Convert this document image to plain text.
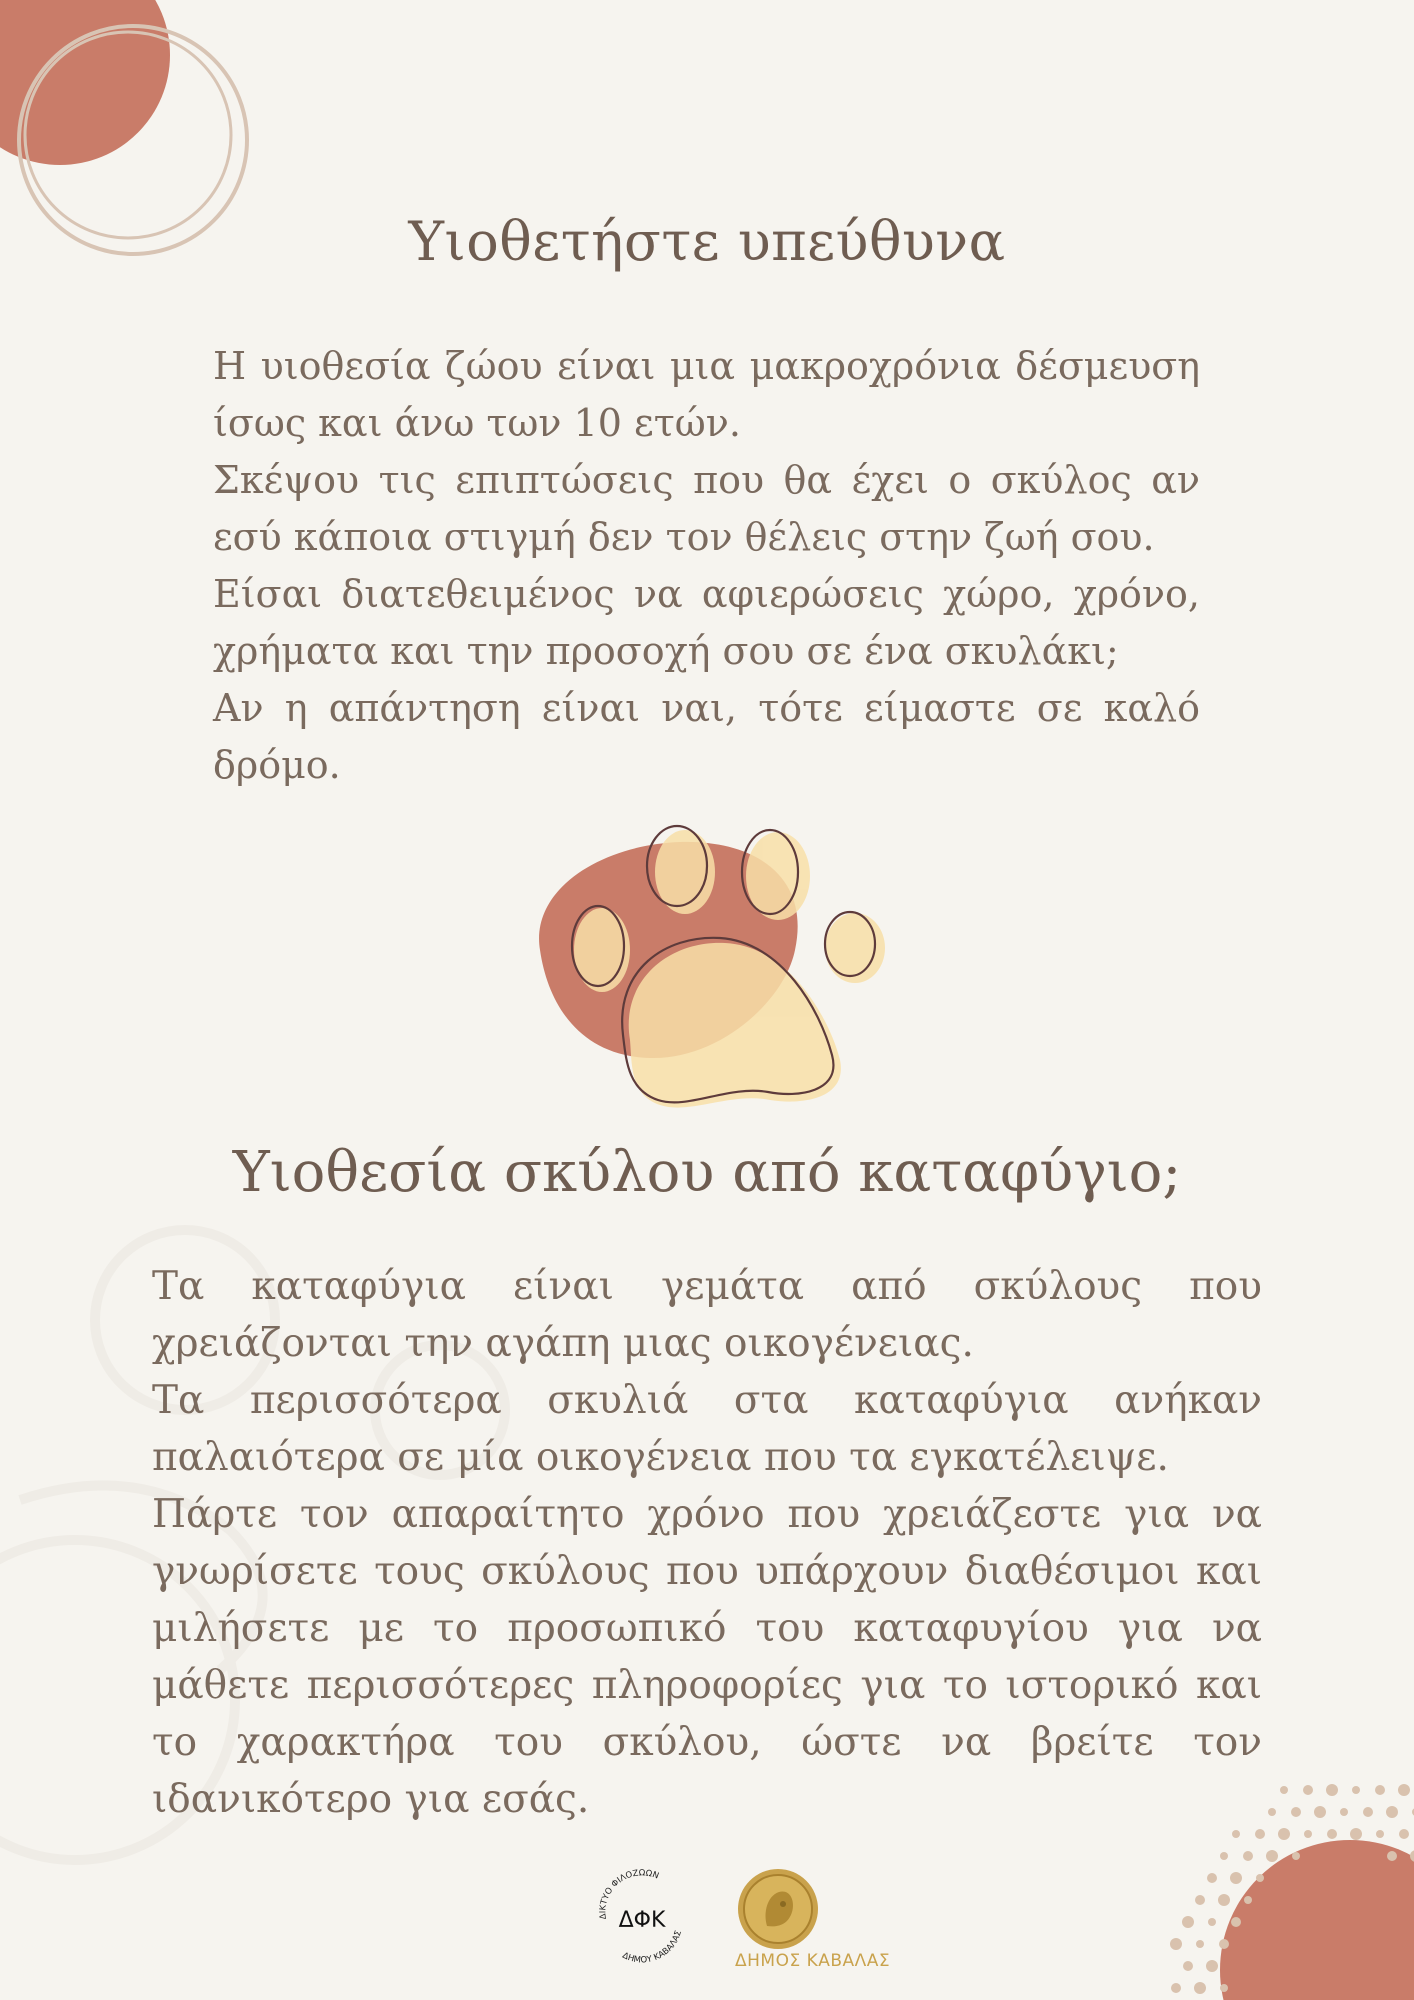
Υιοθετήστε υπεύθυνα

Η υιοθεσία ζώου είναι μια μακροχρόνια δέσμευση ίσως και άνω των 10 ετών.

Σκέψου τις επιπτώσεις που θα έχει ο σκύλος αν εσύ κάποια στιγμή δεν τον θέλεις στην ζωή σου.

Είσαι διατεθειμένος να αφιερώσεις χώρο, χρόνο, χρήματα και την προσοχή σου σε ένα σκυλάκι;

Αν η απάντηση είναι ναι, τότε είμαστε σε καλό δρόμο.

Υιοθεσία σκύλου από καταφύγιο;

Τα καταφύγια είναι γεμάτα από σκύλους που χρειάζονται την αγάπη μιας οικογένειας.

Τα περισσότερα σκυλιά στα καταφύγια ανήκαν παλαιότερα σε μία οικογένεια που τα εγκατέλειψε.

Πάρτε τον απαραίτητο χρόνο που χρειάζεστε για να γνωρίσετε τους σκύλους που υπάρχουν διαθέσιμοι και μιλήσετε με το προσωπικό του καταφυγίου για να μάθετε περισσότερες πληροφορίες για το ιστορικό και το χαρακτήρα του σκύλου, ώστε να βρείτε τον ιδανικότερο για εσάς.

ΔΙΚΤΥΟ ΦΙΛΟΖΩΩΝ
ΔΗΜΟΥ ΚΑΒΑΛΑΣ
ΔΦΚ
ΔΗΜΟΣ ΚΑΒΑΛΑΣ
